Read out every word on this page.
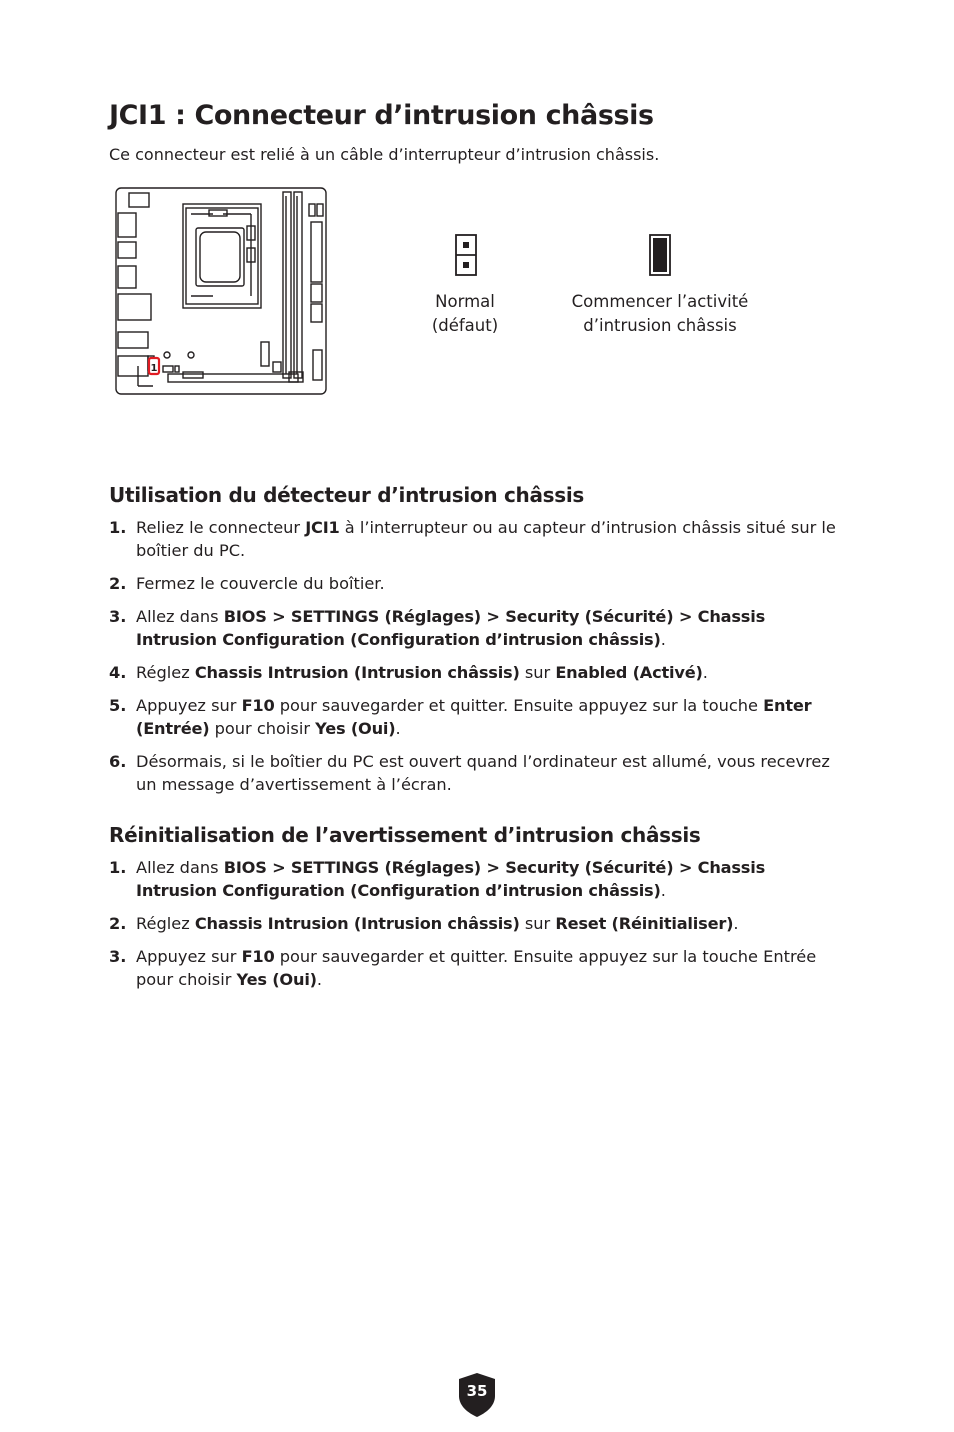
JCI1 : Connecteur d’intrusion châssis

Ce connecteur est relié à un câble d’interrupteur d’intrusion châssis.

1
Normal
(défaut)
Commencer l’activité
d’intrusion châssis
Utilisation du détecteur d’intrusion châssis
1. Reliez le connecteur JCI1 à l’interrupteur ou au capteur d’intrusion châssis situé sur le boîtier du PC.
2. Fermez le couvercle du boîtier.
3. Allez dans BIOS > SETTINGS (Réglages) > Security (Sécurité) > Chassis Intrusion Configuration (Configuration d’intrusion châssis).
4. Réglez Chassis Intrusion (Intrusion châssis) sur Enabled (Activé).
5. Appuyez sur F10 pour sauvegarder et quitter. Ensuite appuyez sur la touche Enter (Entrée) pour choisir Yes (Oui).
6. Désormais, si le boîtier du PC est ouvert quand l’ordinateur est allumé, vous recevrez un message d’avertissement à l’écran.
Réinitialisation de l’avertissement d’intrusion châssis
1. Allez dans BIOS > SETTINGS (Réglages) > Security (Sécurité) > Chassis Intrusion Configuration (Configuration d’intrusion châssis).
2. Réglez Chassis Intrusion (Intrusion châssis) sur Reset (Réinitialiser).
3. Appuyez sur F10 pour sauvegarder et quitter. Ensuite appuyez sur la touche Entrée pour choisir Yes (Oui).
35
